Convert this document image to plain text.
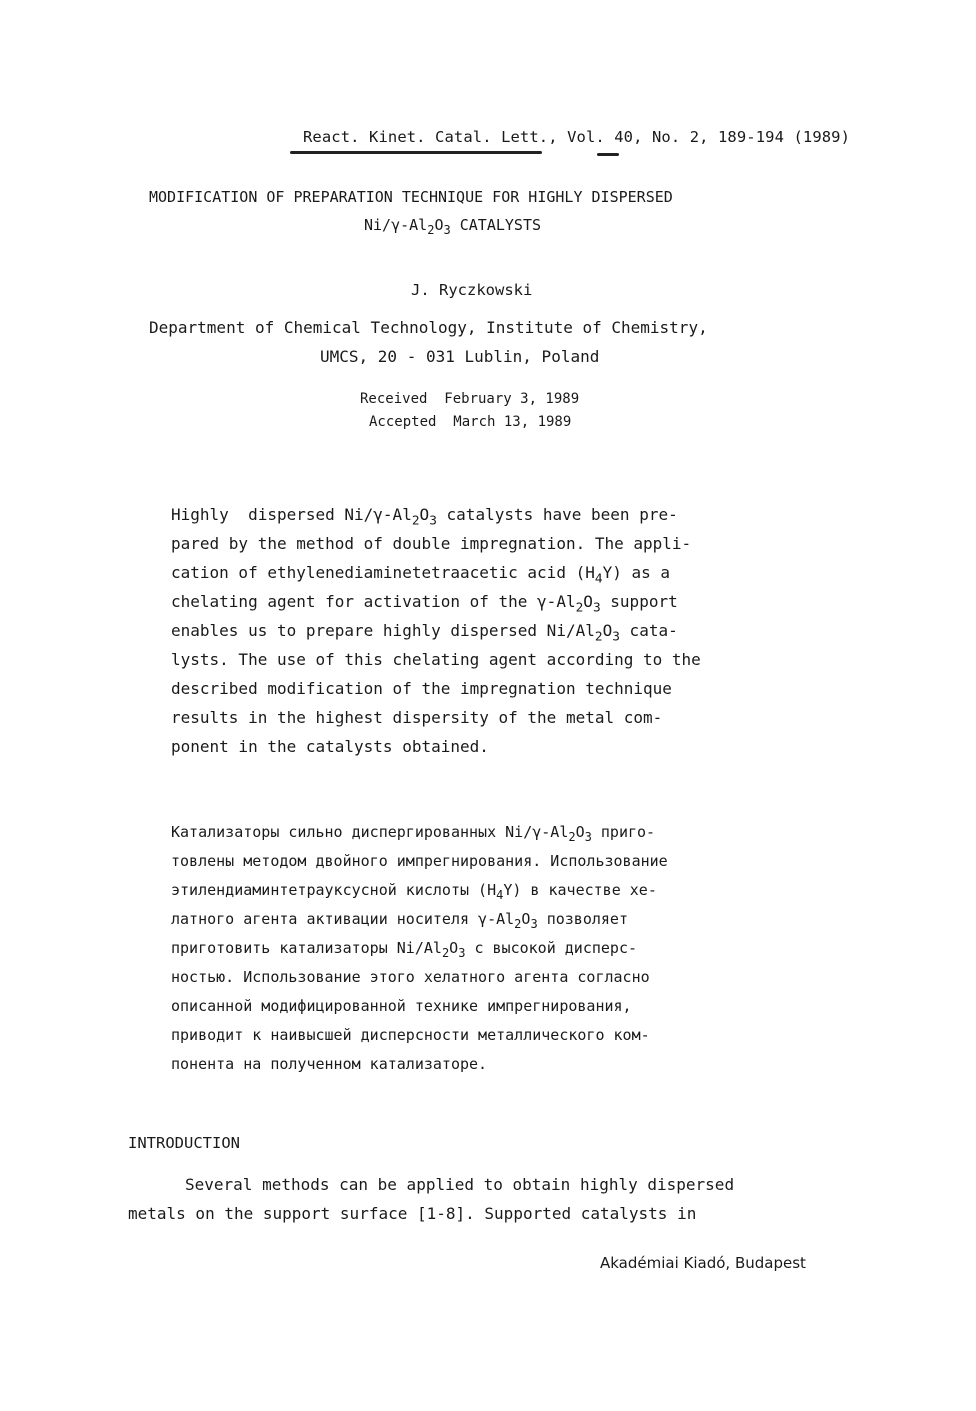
React. Kinet. Catal. Lett., Vol. 40, No. 2, 189-194 (1989)
MODIFICATION OF PREPARATION TECHNIQUE FOR HIGHLY DISPERSED
$Ni/\gamma-Al_2O_3$ CATALYSTS
J. Ryczkowski
Department of Chemical Technology, Institute of Chemistry,
UMCS, 20 - 031 Lublin, Poland
Received  February 3, 1989
Accepted  March 13, 1989
Highly  dispersed $Ni/\gamma-Al_2O_3$ catalysts have been pre-
pared by the method of double impregnation. The appli-
cation of ethylenediaminetetraacetic acid $(H_4Y)$ as a
chelating agent for activation of the $\gamma-Al_2O_3$ support
enables us to prepare highly dispersed $Ni/Al_2O_3$ cata-
lysts. The use of this chelating agent according to the
described modification of the impregnation technique
results in the highest dispersity of the metal com-
ponent in the catalysts obtained.
Катализаторы сильно диспергированных $Ni/\gamma-Al_2O_3$ приго-
товлены методом двойного импрегнирования. Использование
этилендиаминтетрауксусной кислоты $(H_4Y)$ в качестве хе-
латного агента активации носителя $\gamma-Al_2O_3$ позволяет
приготовить катализаторы $Ni/Al_2O_3$ с высокой дисперс-
ностью. Использование этого хелатного агента согласно
описанной модифицированной технике импрегнирования,
приводит к наивысшей дисперсности металлического ком-
понента на полученном катализаторе.
INTRODUCTION
Several methods can be applied to obtain highly dispersed
metals on the support surface [1-8]. Supported catalysts in
Akadémiai Kiadó, Budapest
